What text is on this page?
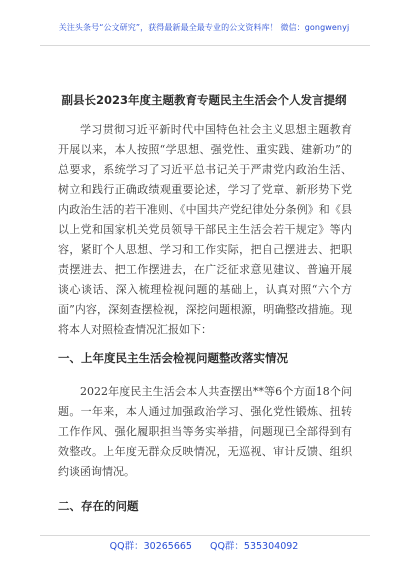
关注头条号“公文研究”，获得最新最全最专业的公文资料库！ 微信：gongwenyj
副县长2023年度主题教育专题民主生活会个人发言提纲
学习贯彻习近平新时代中国特色社会主义思想主题教育开展以来，本人按照“学思想、强党性、重实践、建新功”的总要求，系统学习了习近平总书记关于严肃党内政治生活、树立和践行正确政绩观重要论述，学习了党章、新形势下党内政治生活的若干准则、《中国共产党纪律处分条例》和《县以上党和国家机关党员领导干部民主生活会若干规定》等内容，紧盯个人思想、学习和工作实际，把自己摆进去、把职责摆进去、把工作摆进去，在广泛征求意见建议、普遍开展谈心谈话、深入梳理检视问题的基础上，认真对照“六个方面”内容，深刻查摆检视，深挖问题根源，明确整改措施。现将本人对照检查情况汇报如下：
一、上年度民主生活会检视问题整改落实情况
2022年度民主生活会本人共查摆出**等6个方面18个问题。一年来，本人通过加强政治学习、强化党性锻炼、扭转工作作风、强化履职担当等务实举措，问题现已全部得到有效整改。上年度无群众反映情况，无巡视、审计反馈、组织约谈函询情况。
二、存在的问题
QQ群：30265665 QQ群：535304092
